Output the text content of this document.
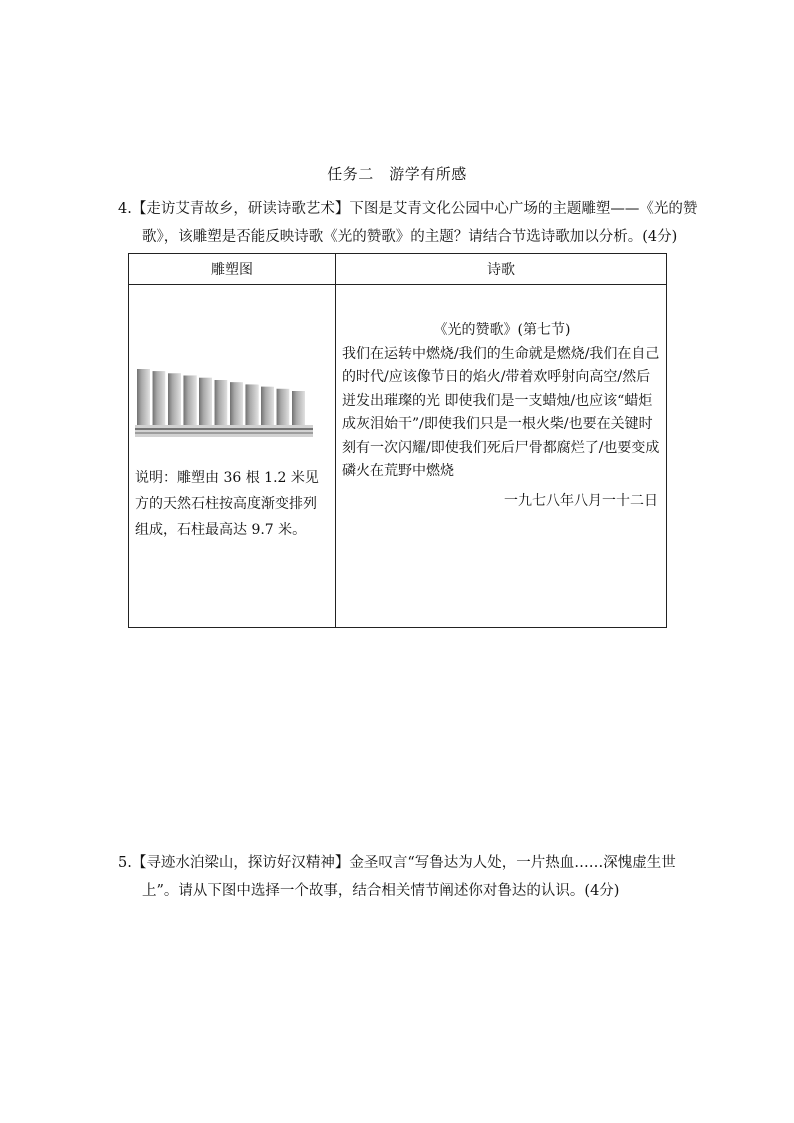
任务二　游学有所感
4.【走访艾青故乡，研读诗歌艺术】下图是艾青文化公园中心广场的主题雕塑——《光的赞
歌》，该雕塑是否能反映诗歌《光的赞歌》的主题？请结合节选诗歌加以分析。(4分)
雕塑图	诗歌

说明：雕塑由 36 根 1.2 米见方的天然石柱按高度渐变排列组成，石柱最高达 9.7 米。	《光的赞歌》(第七节)
我们在运转中燃烧/我们的生命就是燃烧/我们在自己的时代/应该像节日的焰火/带着欢呼射向高空/然后迸发出璀璨的光 即使我们是一支蜡烛/也应该“蜡炬成灰泪始干”/即使我们只是一根火柴/也要在关键时刻有一次闪耀/即使我们死后尸骨都腐烂了/也要变成磷火在荒野中燃烧
一九七八年八月一十二日
5.【寻迹水泊梁山，探访好汉精神】金圣叹言“写鲁达为人处，一片热血……深愧虚生世
上”。请从下图中选择一个故事，结合相关情节阐述你对鲁达的认识。(4分)
